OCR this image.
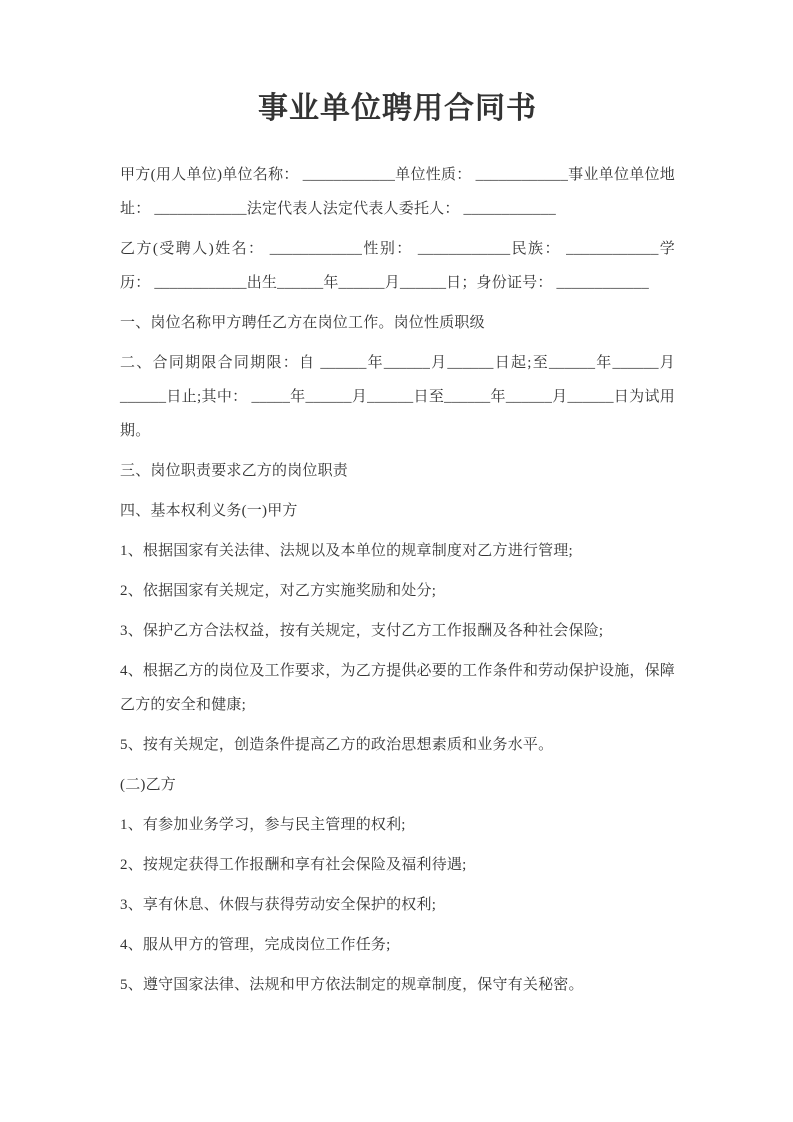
事业单位聘用合同书

甲方(用人单位)单位名称： ____________单位性质： ____________事业单位单位地址： ____________法定代表人法定代表人委托人： ____________

乙方(受聘人)姓名： ____________性别： ____________民族： ____________学历： ____________出生______年______月______日；身份证号： ____________

一、岗位名称甲方聘任乙方在岗位工作。岗位性质职级

二、合同期限合同期限：自 ______年______月______日起;至______年______月______日止;其中： _____年______月______日至______年______月______日为试用期。

三、岗位职责要求乙方的岗位职责

四、基本权利义务(一)甲方

1、根据国家有关法律、法规以及本单位的规章制度对乙方进行管理;

2、依据国家有关规定，对乙方实施奖励和处分;

3、保护乙方合法权益，按有关规定，支付乙方工作报酬及各种社会保险;

4、根据乙方的岗位及工作要求，为乙方提供必要的工作条件和劳动保护设施，保障乙方的安全和健康;

5、按有关规定，创造条件提高乙方的政治思想素质和业务水平。

(二)乙方

1、有参加业务学习，参与民主管理的权利;

2、按规定获得工作报酬和享有社会保险及福利待遇;

3、享有休息、休假与获得劳动安全保护的权利;

4、服从甲方的管理，完成岗位工作任务;

5、遵守国家法律、法规和甲方依法制定的规章制度，保守有关秘密。
